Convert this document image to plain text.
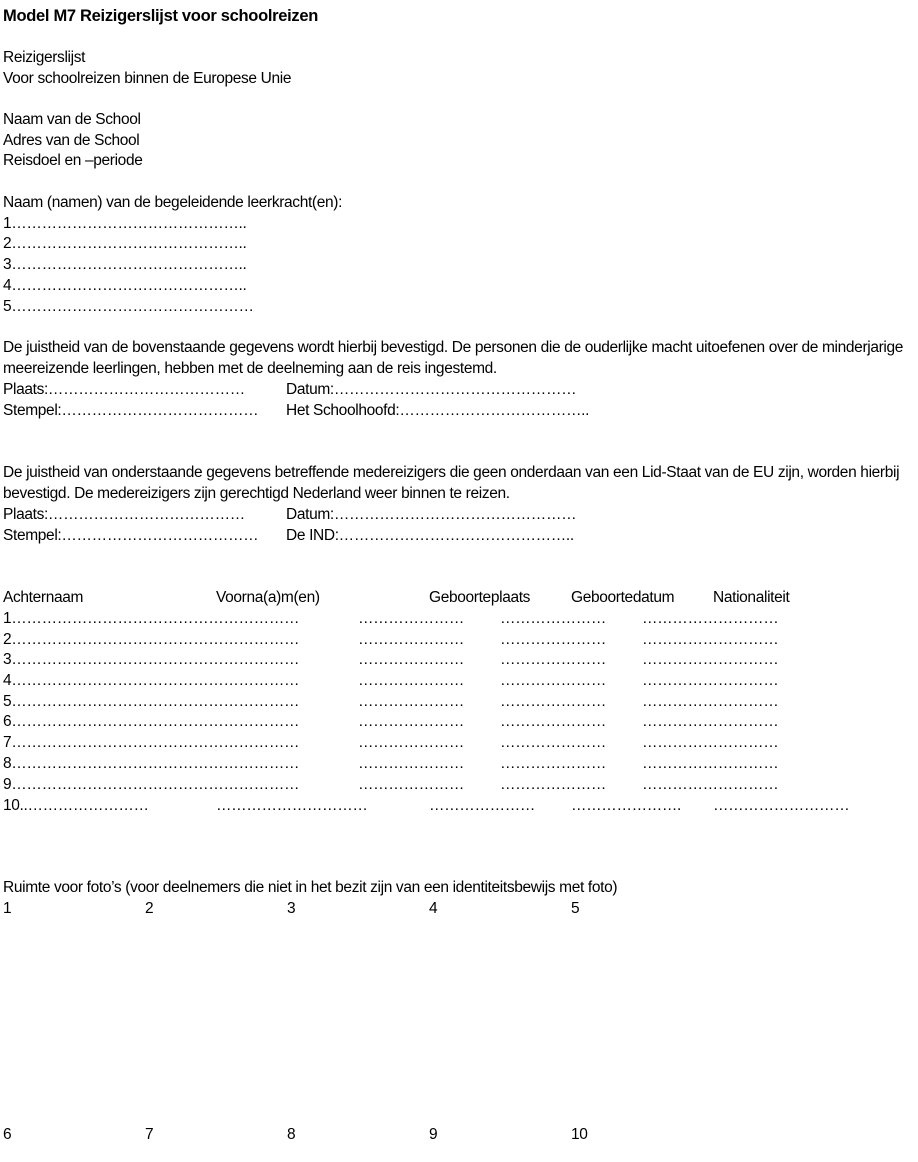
Model M7 Reizigerslijst voor schoolreizen
Reizigerslijst
Voor schoolreizen binnen de Europese Unie
Naam van de School
Adres van de School
Reisdoel en –periode
Naam (namen) van de begeleidende leerkracht(en):
1………………………………………..
2………………………………………..
3………………………………………..
4………………………………………..
5…………………………………………
De juistheid van de bovenstaande gegevens wordt hierbij bevestigd. De personen die de ouderlijke macht uitoefenen over de minderjarige meereizende leerlingen, hebben met de deelneming aan de reis ingestemd.
Plaats:…………………………………	Datum:…………………………………………
Stempel:………………………………… Het Schoolhoofd:………………………………..
De juistheid van onderstaande gegevens betreffende medereizigers die geen onderdaan van een Lid-Staat van de EU zijn, worden hierbij bevestigd. De medereizigers zijn gerechtigd Nederland weer binnen te reizen.
Plaats:…………………………………	Datum:…………………………………………
Stempel:………………………………… De IND:………………………………………..
Achternaam	Voorna(a)m(en)	Geboorteplaats	Geboortedatum	Nationaliteit
1…………………………………………………	………………… ………………… ………………………
2…………………………………………………	………………… ………………… ………………………
3…………………………………………………	………………… ………………… ………………………
4…………………………………………………	………………… ………………… ………………………
5…………………………………………………	………………… ………………… ………………………
6…………………………………………………	………………… ………………… ………………………
7…………………………………………………	………………… ………………… ………………………
8…………………………………………………	………………… ………………… ………………………
9…………………………………………………	………………… ………………… ………………………
10..……………………	…………………………	………………… …………………. ………………………
Ruimte voor foto’s (voor deelnemers die niet in het bezit zijn van een identiteitsbewijs met foto)
1	2	3	4	5
6	7	8	9	10
